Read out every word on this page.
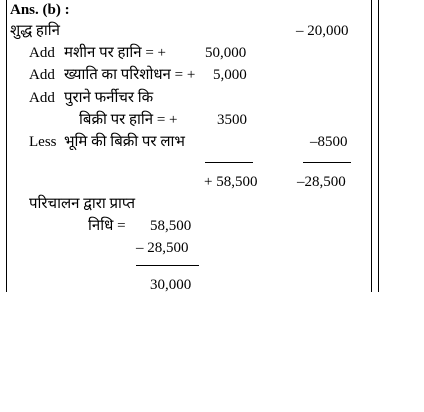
Ans. (b) :
शुद्ध हानि	– 20,000
Add मशीन पर हानि = +	50,000
Add ख्याति का परिशोधन = + 5,000
Add पुराने फर्नीचर कि
बिक्री पर हानि = +	3500
Less भूमि की बिक्री पर लाभ	–8500
+ 58,500	–28,500
परिचालन द्वारा प्राप्त
निधि = 58,500
– 28,500
30,000
